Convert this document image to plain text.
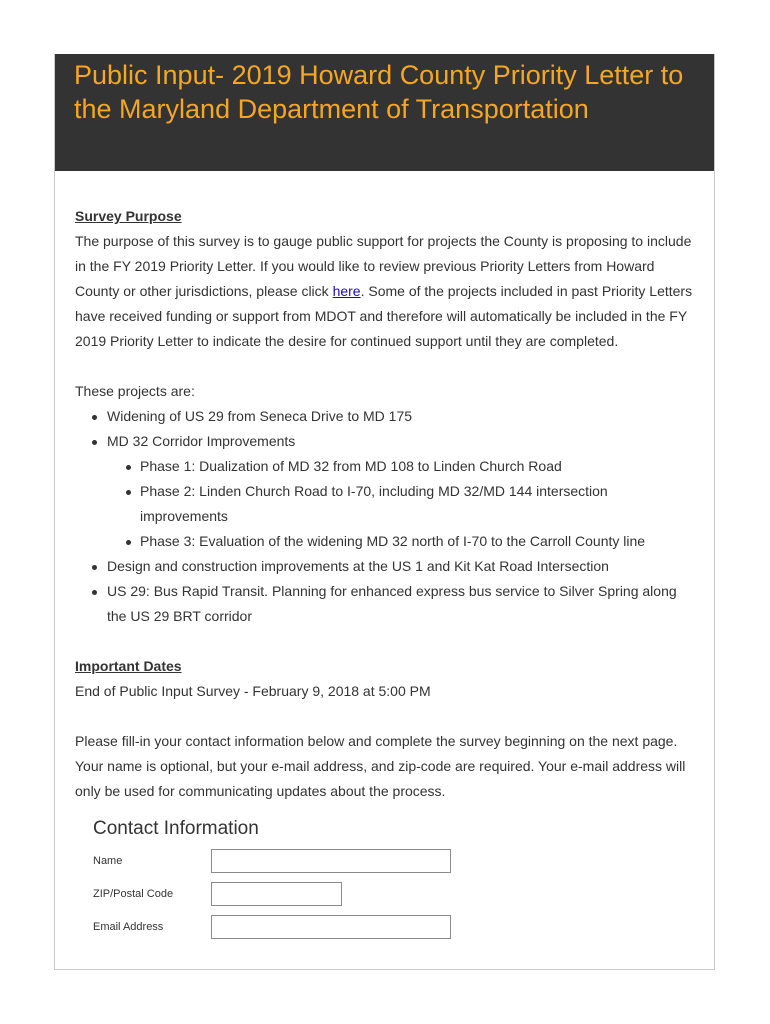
Public Input- 2019 Howard County Priority Letter to the Maryland Department of Transportation
Survey Purpose

The purpose of this survey is to gauge public support for projects the County is proposing to include in the FY 2019 Priority Letter. If you would like to review previous Priority Letters from Howard County or other jurisdictions, please click here. Some of the projects included in past Priority Letters have received funding or support from MDOT and therefore will automatically be included in the FY 2019 Priority Letter to indicate the desire for continued support until they are completed.

These projects are:

Widening of US 29 from Seneca Drive to MD 175
MD 32 Corridor Improvements
Phase 1: Dualization of MD 32 from MD 108 to Linden Church Road
Phase 2: Linden Church Road to I-70, including MD 32/MD 144 intersection improvements
Phase 3: Evaluation of the widening MD 32 north of I-70 to the Carroll County line
Design and construction improvements at the US 1 and Kit Kat Road Intersection
US 29: Bus Rapid Transit. Planning for enhanced express bus service to Silver Spring along the US 29 BRT corridor
Important Dates

End of Public Input Survey - February 9, 2018 at 5:00 PM

Please fill-in your contact information below and complete the survey beginning on the next page. Your name is optional, but your e-mail address, and zip-code are required. Your e-mail address will only be used for communicating updates about the process.

Contact Information
Name
ZIP/Postal Code
Email Address
